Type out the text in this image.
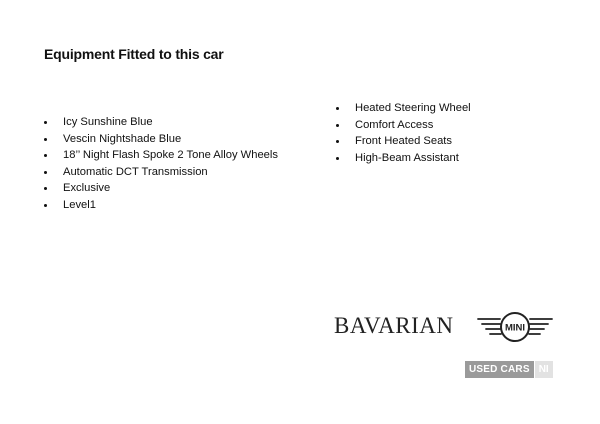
Equipment Fitted to this car
Icy Sunshine Blue
Vescin Nightshade Blue
18’’ Night Flash Spoke 2 Tone Alloy Wheels
Automatic DCT Transmission
Exclusive
Level1
Heated Steering Wheel
Comfort Access
Front Heated Seats
High-Beam Assistant
BAVARIAN	MINI
USED CARS NI
